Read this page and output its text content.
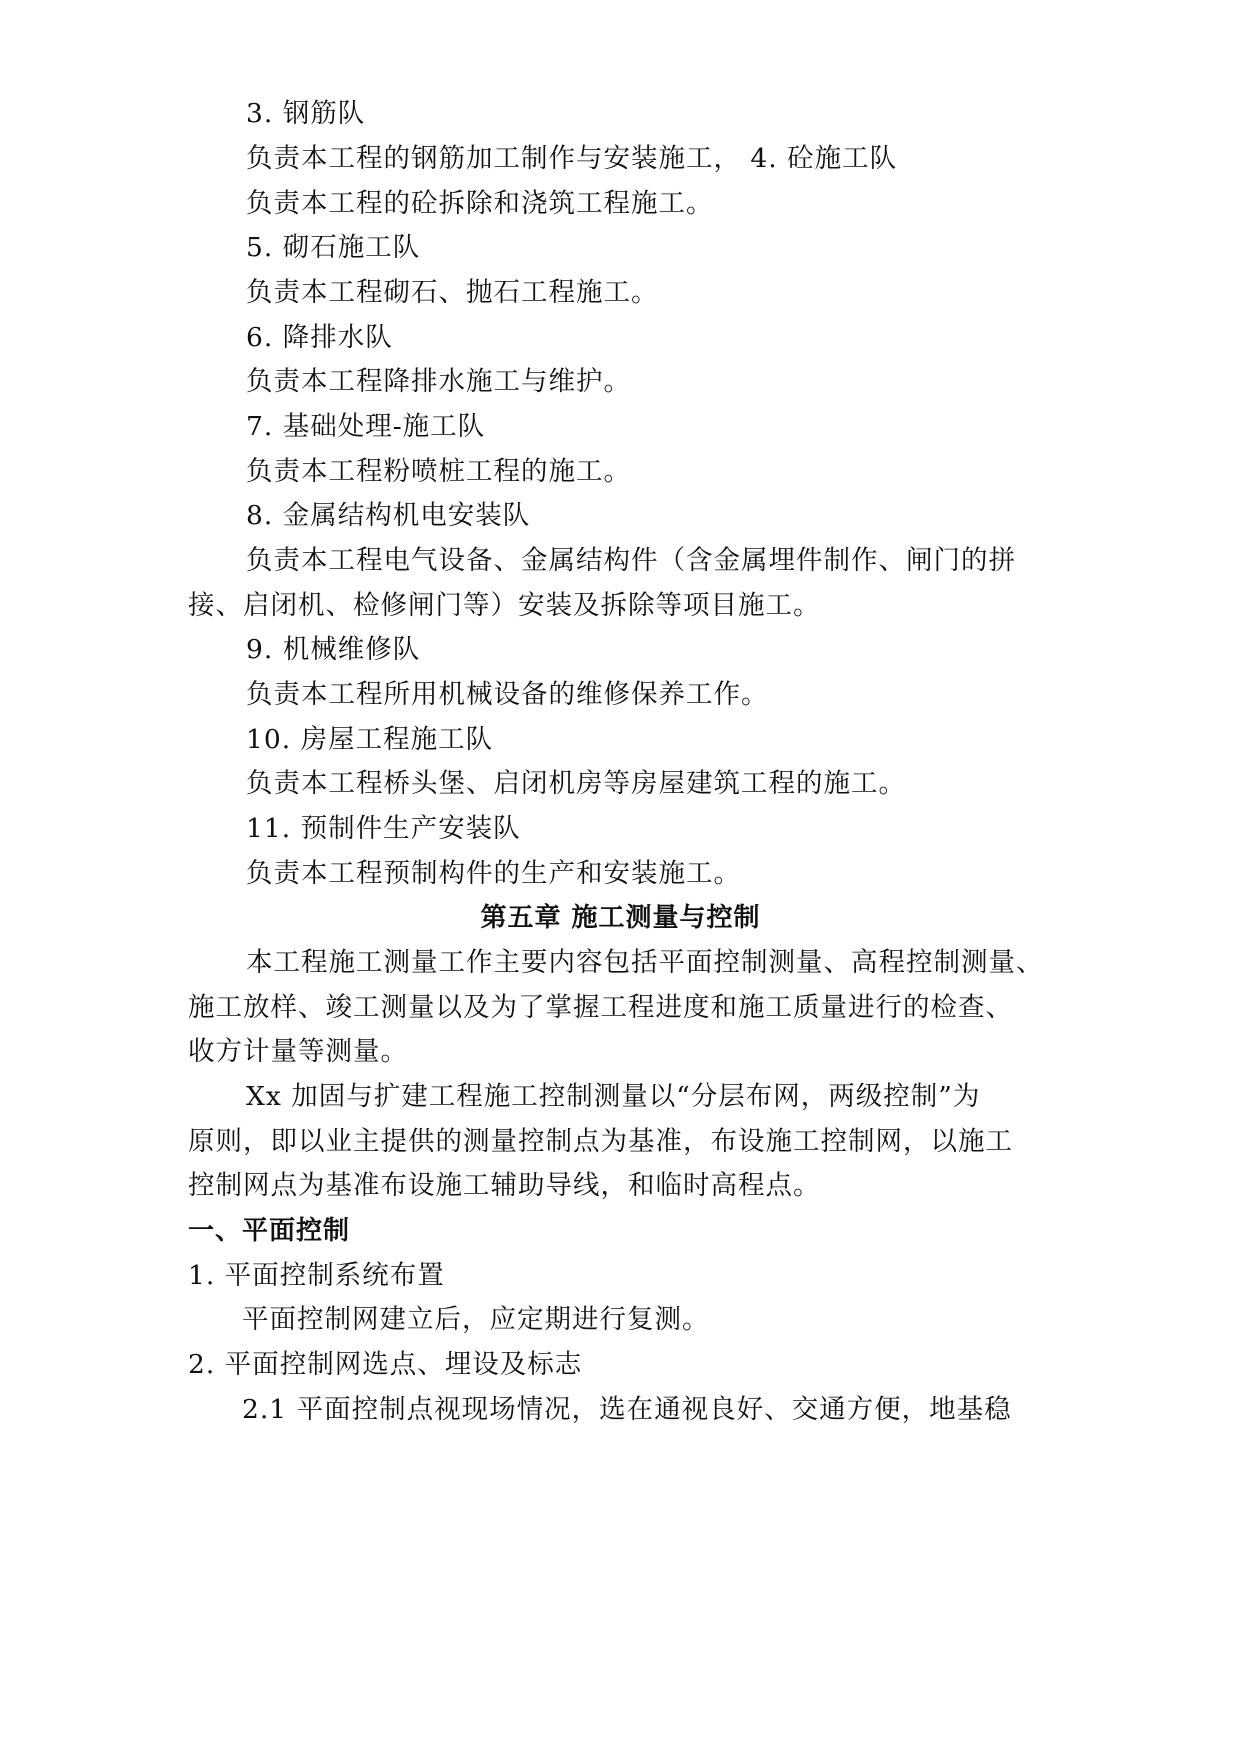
3. 钢筋队
负责本工程的钢筋加工制作与安装施工， 4. 砼施工队
负责本工程的砼拆除和浇筑工程施工。
5. 砌石施工队
负责本工程砌石、抛石工程施工。
6. 降排水队
负责本工程降排水施工与维护。
7. 基础处理-施工队
负责本工程粉喷桩工程的施工。
8. 金属结构机电安装队
负责本工程电气设备、金属结构件（含金属埋件制作、闸门的拼
接、启闭机、检修闸门等）安装及拆除等项目施工。
9. 机械维修队
负责本工程所用机械设备的维修保养工作。
10. 房屋工程施工队
负责本工程桥头堡、启闭机房等房屋建筑工程的施工。
11. 预制件生产安装队
负责本工程预制构件的生产和安装施工。
第五章 施工测量与控制
本工程施工测量工作主要内容包括平面控制测量、高程控制测量、
施工放样、竣工测量以及为了掌握工程进度和施工质量进行的检查、
收方计量等测量。
Xx 加固与扩建工程施工控制测量以“分层布网，两级控制”为
原则，即以业主提供的测量控制点为基准，布设施工控制网，以施工
控制网点为基准布设施工辅助导线，和临时高程点。
一、平面控制
1. 平面控制系统布置
平面控制网建立后，应定期进行复测。
2. 平面控制网选点、埋设及标志
2.1 平面控制点视现场情况，选在通视良好、交通方便，地基稳
